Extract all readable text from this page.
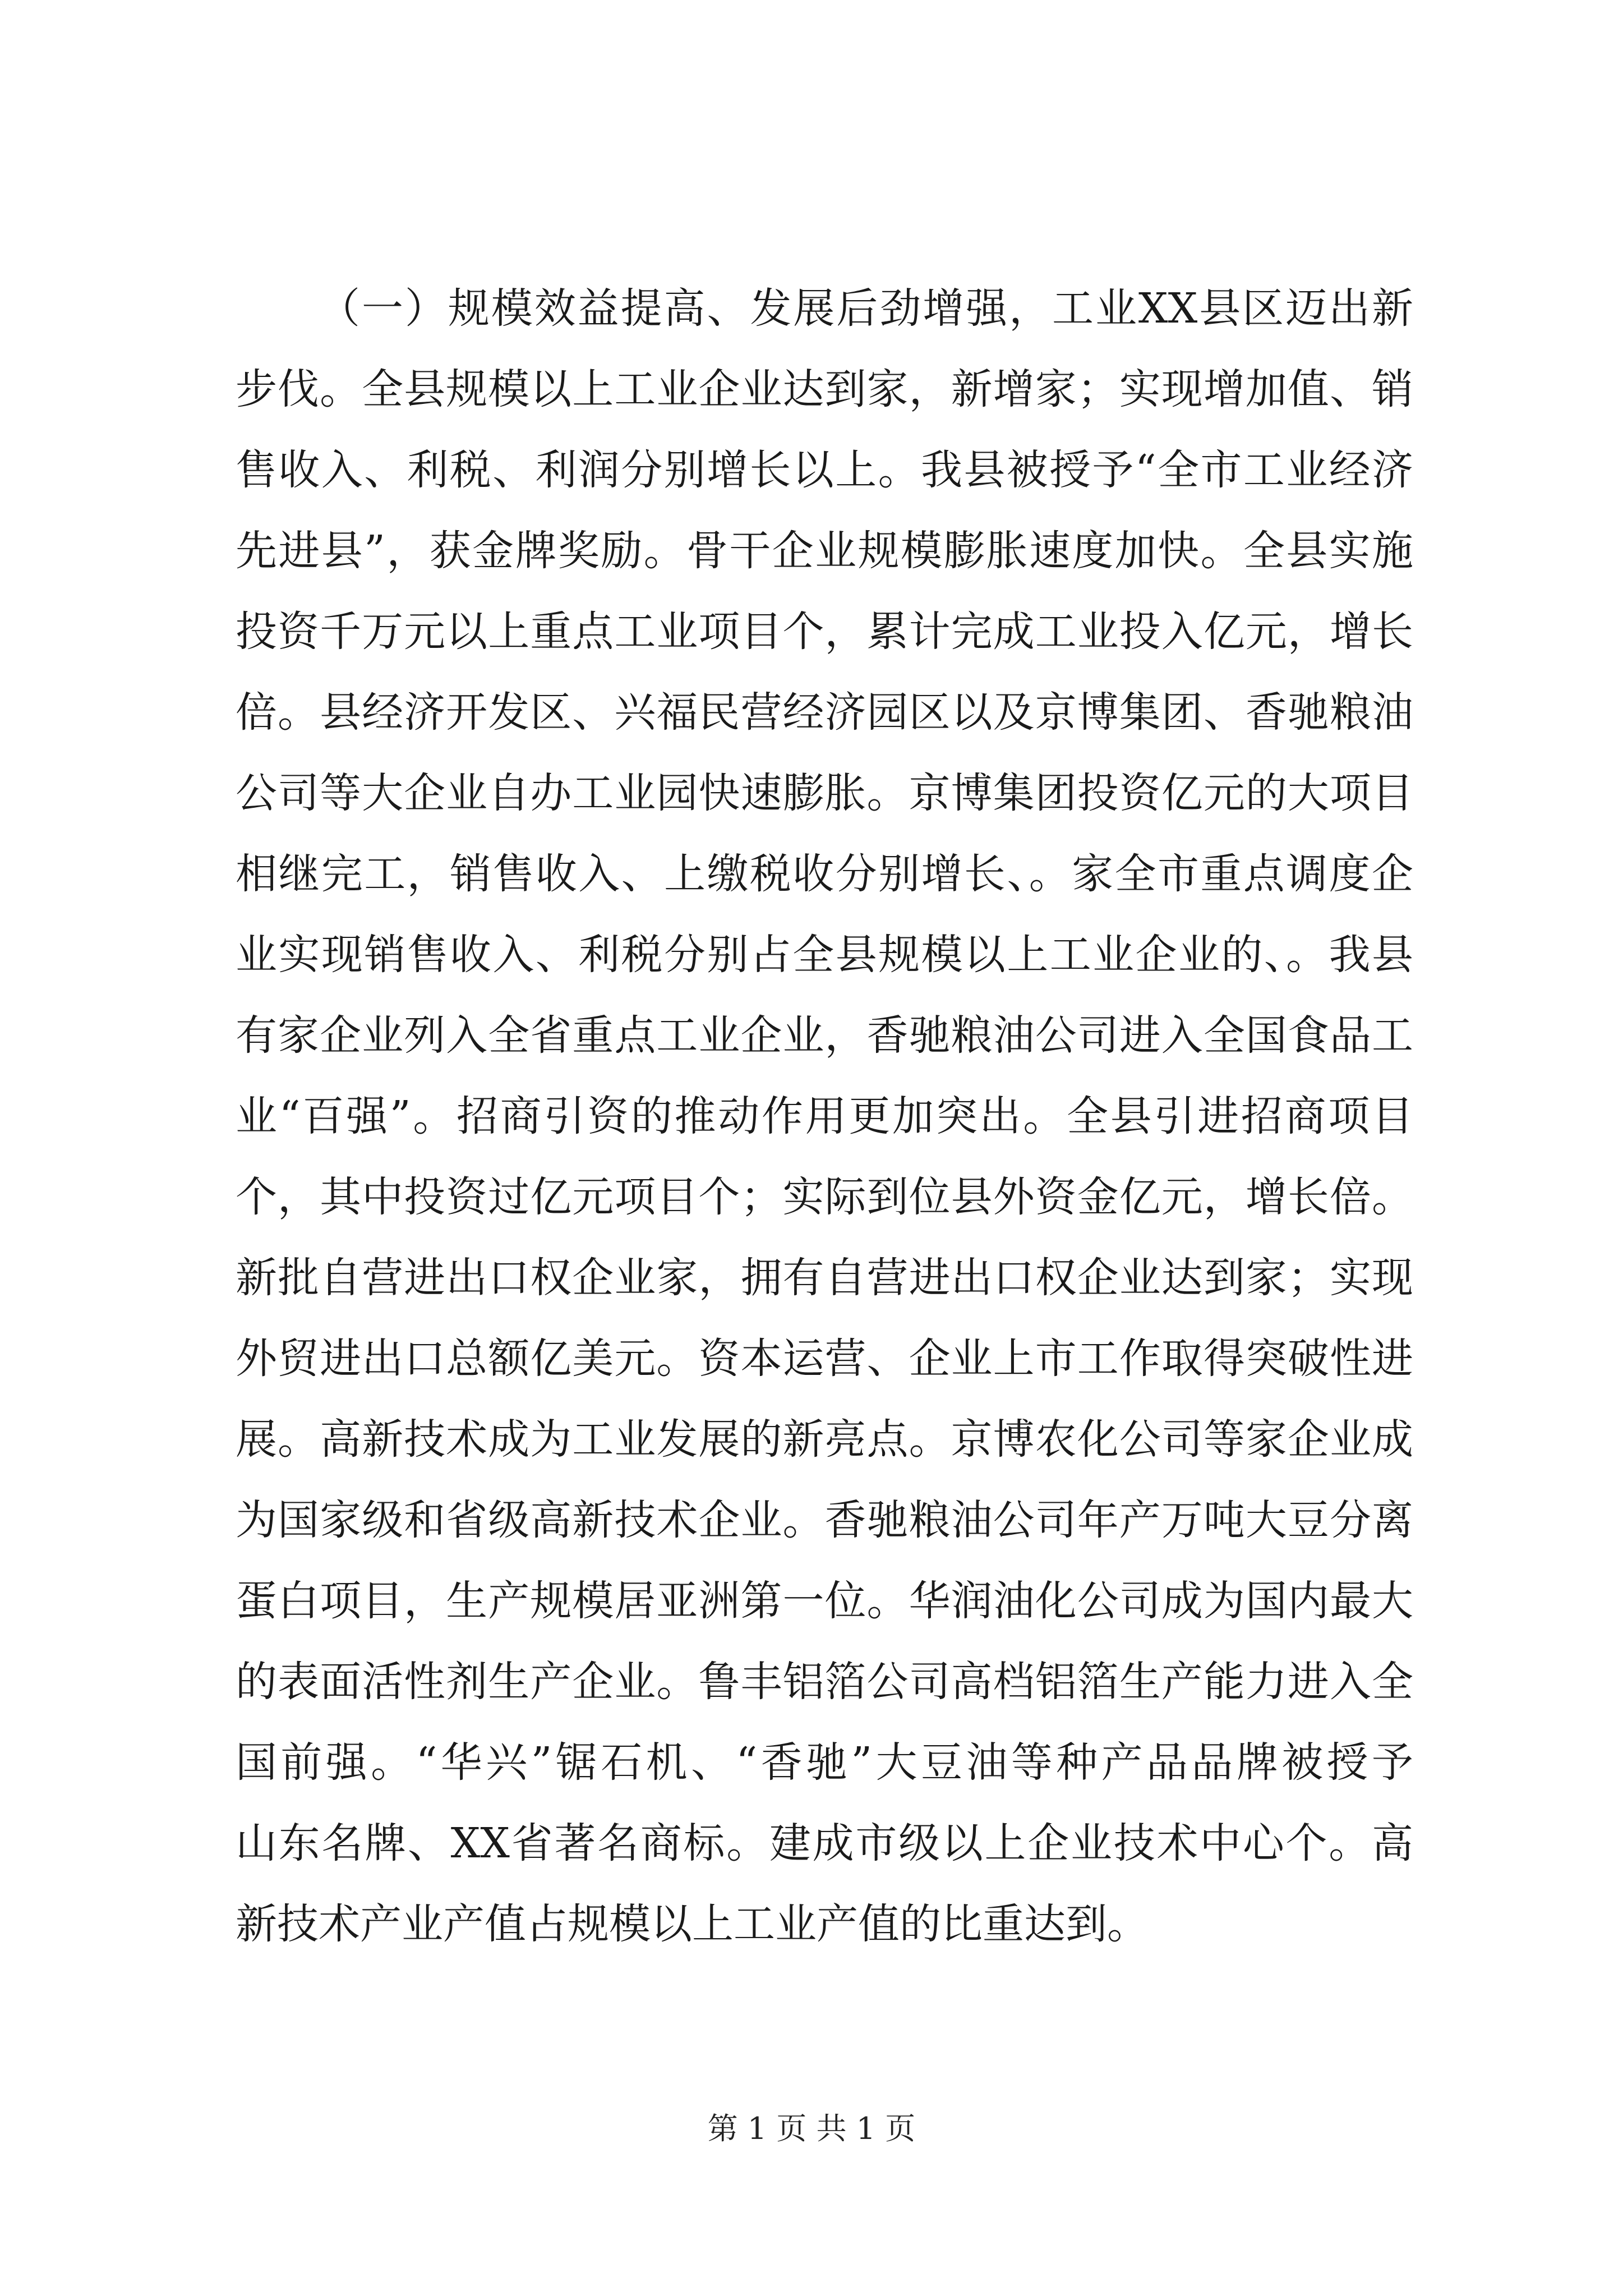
（一）规模效益提高、发展后劲增强，工业XX县区迈出新
步伐。全县规模以上工业企业达到家，新增家；实现增加值、销
售收入、利税、利润分别增长以上。我县被授予“全市工业经济
先进县”，获金牌奖励。骨干企业规模膨胀速度加快。全县实施
投资千万元以上重点工业项目个，累计完成工业投入亿元，增长
倍。县经济开发区、兴福民营经济园区以及京博集团、香驰粮油
公司等大企业自办工业园快速膨胀。京博集团投资亿元的大项目
相继完工，销售收入、上缴税收分别增长、。家全市重点调度企
业实现销售收入、利税分别占全县规模以上工业企业的、。我县
有家企业列入全省重点工业企业，香驰粮油公司进入全国食品工
业“百强”。招商引资的推动作用更加突出。全县引进招商项目
个，其中投资过亿元项目个；实际到位县外资金亿元，增长倍。
新批自营进出口权企业家，拥有自营进出口权企业达到家；实现
外贸进出口总额亿美元。资本运营、企业上市工作取得突破性进
展。高新技术成为工业发展的新亮点。京博农化公司等家企业成
为国家级和省级高新技术企业。香驰粮油公司年产万吨大豆分离
蛋白项目，生产规模居亚洲第一位。华润油化公司成为国内最大
的表面活性剂生产企业。鲁丰铝箔公司高档铝箔生产能力进入全
国前强。“华兴”锯石机、“香驰”大豆油等种产品品牌被授予
山东名牌、XX省著名商标。建成市级以上企业技术中心个。高
新技术产业产值占规模以上工业产值的比重达到。
第 1 页 共 1 页
